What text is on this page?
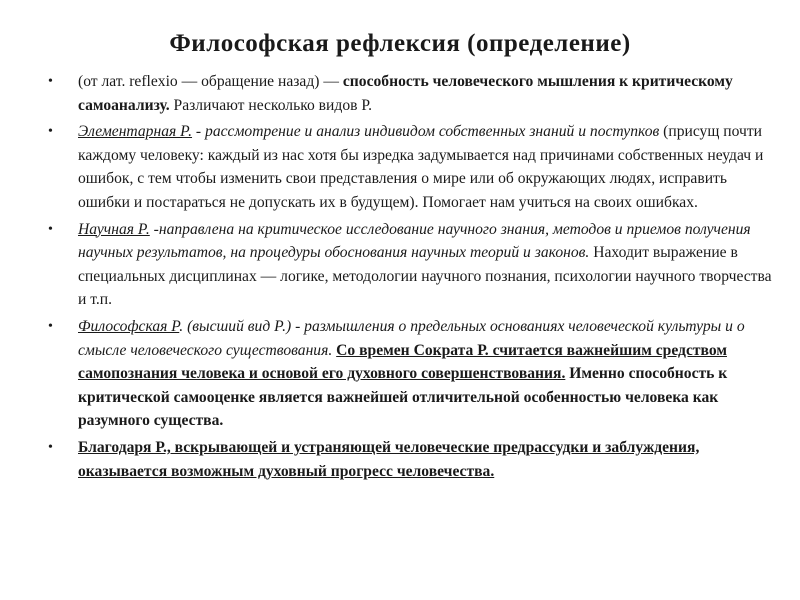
Философская рефлексия (определение)
• (от лат. reflexio — обращение назад) — способность человеческого мышления к критическому самоанализу. Различают несколько видов Р.
• Элементарная Р. - рассмотрение и анализ индивидом собственных знаний и поступков (присущ почти каждому человеку: каждый из нас хотя бы изредка задумывается над причинами собственных неудач и ошибок, с тем чтобы изменить свои представления о мире или об окружающих людях, исправить ошибки и постараться не допускать их в будущем). Помогает нам учиться на своих ошибках.
• Научная Р. -направлена на критическое исследование научного знания, методов и приемов получения научных результатов, на процедуры обоснования научных теорий и законов. Находит выражение в специальных дисциплинах — логике, методологии научного познания, психологии научного творчества и т.п.
• Философская Р. (высший вид Р.) - размышления о предельных основаниях человеческой культуры и о смысле человеческого существования. Со времен Сократа Р. считается важнейшим средством самопознания человека и основой его духовного совершенствования. Именно способность к критической самооценке является важнейшей отличительной особенностью человека как разумного существа.
• Благодаря Р., вскрывающей и устраняющей человеческие предрассудки и заблуждения, оказывается возможным духовный прогресс человечества.
